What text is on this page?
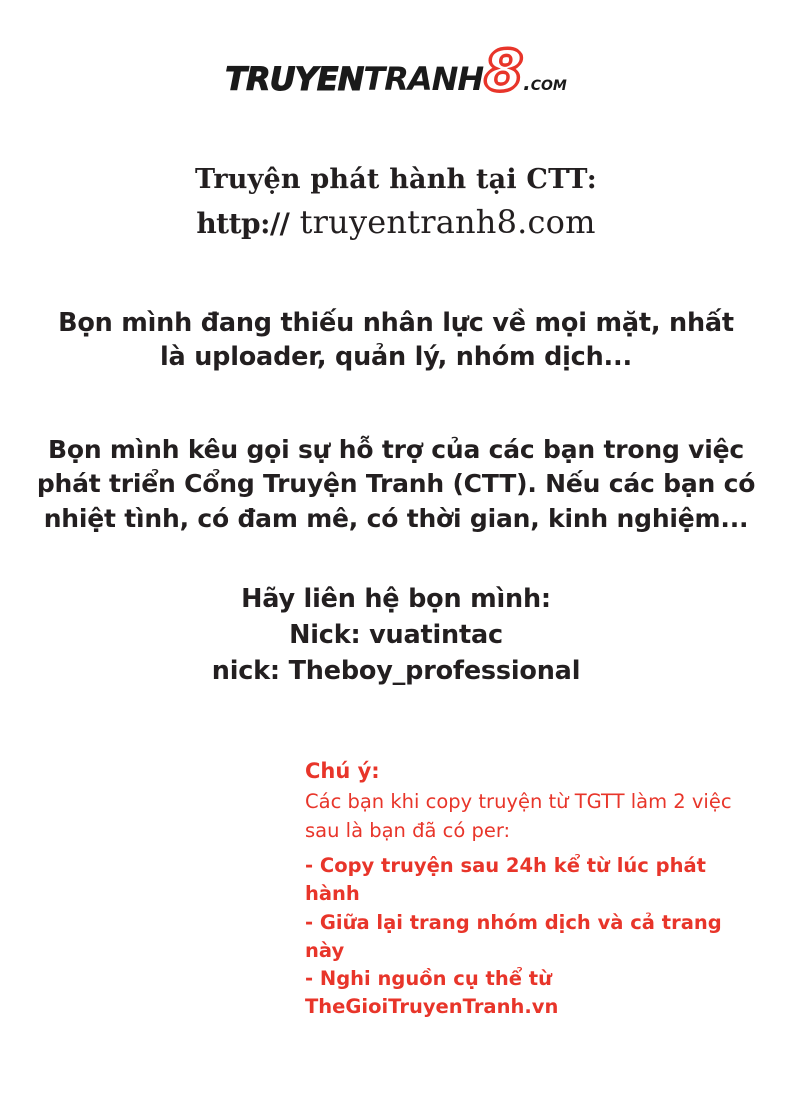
truyentranh8.com
Truyện phát hành tại CTT:
http:// truyentranh8.com
Bọn mình đang thiếu nhân lực về mọi mặt, nhất
là uploader, quản lý, nhóm dịch...
Bọn mình kêu gọi sự hỗ trợ của các bạn trong việc
phát triển Cổng Truyện Tranh (CTT). Nếu các bạn có
nhiệt tình, có đam mê, có thời gian, kinh nghiệm...
Hãy liên hệ bọn mình:
Nick: vuatintac
nick: Theboy_professional
Chú ý:
Các bạn khi copy truyện từ TGTT làm 2 việc
sau là bạn đã có per:
- Copy truyện sau 24h kể từ lúc phát hành
- Giữa lại trang nhóm dịch và cả trang này
- Nghi nguồn cụ thể từ TheGioiTruyenTranh.vn
